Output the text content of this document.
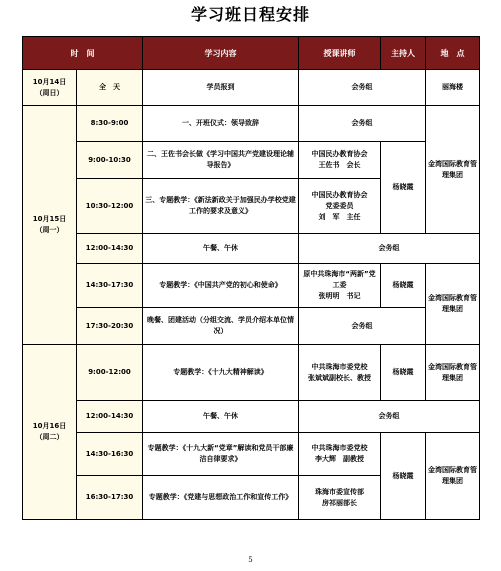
学习班日程安排
时　间		学习内容	授课讲师	主持人	地　点
10月14日
（周日）	全　天	学员报到	会务组		丽海楼
10月15日
（周一）	8:30-9:00	一、开班仪式：领导致辞	会务组		金湾国际教育管理集团
	9:00-10:30	二、王佐书会长做《学习中国共产党建设理论辅导报告》	中国民办教育协会
王佐书　会长	杨晓霞	
	10:30-12:00	三、专题教学：《新法新政关于加强民办学校党建工作的要求及意义》	中国民办教育协会
党委委员
刘　军　主任		
	12:00-14:30	午餐、午休	会务组		
	14:30-17:30	专题教学：《中国共产党的初心和使命》	原中共珠海市“两新”党工委
张明明　书记	杨晓霞	金湾国际教育管理集团
	17:30-20:30	晚餐、团建活动（分组交流、学员介绍本单位情况）	会务组		
10月16日
（周二）	9:00-12:00	专题教学：《十九大精神解读》	中共珠海市委党校
张斌斌副校长、教授	杨晓霞	金湾国际教育管理集团
	12:00-14:30	午餐、午休	会务组		
	14:30-16:30	专题教学：《十九大新“党章”解读和党员干部廉洁自律要求》	中共珠海市委党校
李大辉　副教授	杨晓霞	金湾国际教育管理集团
	16:30-17:30	专题教学：《党建与思想政治工作和宣传工作》	珠海市委宣传部
房祁丽部长		
5
